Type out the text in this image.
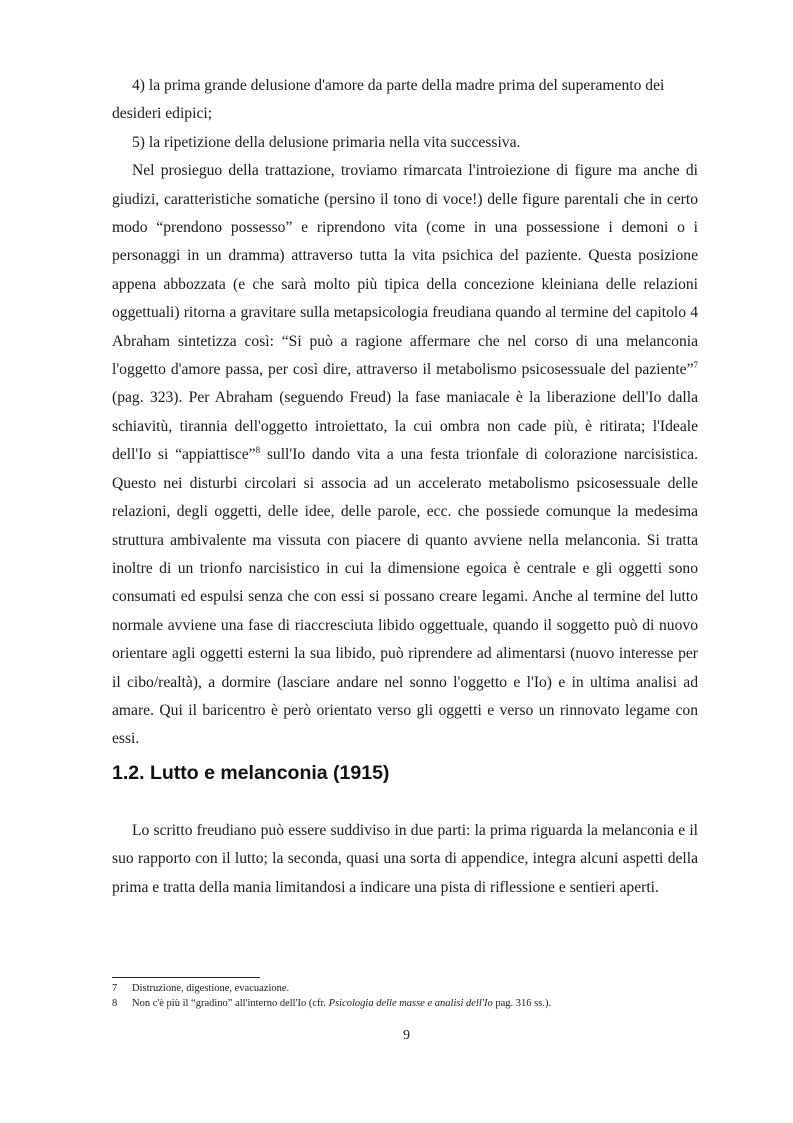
4) la prima grande delusione d'amore da parte della madre prima del superamento dei desideri edipici;

5) la ripetizione della delusione primaria nella vita successiva.

Nel prosieguo della trattazione, troviamo rimarcata l'introiezione di figure ma anche di giudizi, caratteristiche somatiche (persino il tono di voce!) delle figure parentali che in certo modo “prendono possesso” e riprendono vita (come in una possessione i demoni o i personaggi in un dramma) attraverso tutta la vita psichica del paziente. Questa posizione appena abbozzata (e che sarà molto più tipica della concezione kleiniana delle relazioni oggettuali) ritorna a gravitare sulla metapsicologia freudiana quando al termine del capitolo 4 Abraham sintetizza così: “Si può a ragione affermare che nel corso di una melanconia l'oggetto d'amore passa, per così dire, attraverso il metabolismo psicosessuale del paziente”$^7$ (pag. 323). Per Abraham (seguendo Freud) la fase maniacale è la liberazione dell'Io dalla schiavitù, tirannia dell'oggetto introiettato, la cui ombra non cade più, è ritirata; l'Ideale dell'Io si “appiattisce”$^8$ sull'Io dando vita a una festa trionfale di colorazione narcisistica. Questo nei disturbi circolari si associa ad un accelerato metabolismo psicosessuale delle relazioni, degli oggetti, delle idee, delle parole, ecc. che possiede comunque la medesima struttura ambivalente ma vissuta con piacere di quanto avviene nella melanconia. Si tratta inoltre di un trionfo narcisistico in cui la dimensione egoica è centrale e gli oggetti sono consumati ed espulsi senza che con essi si possano creare legami. Anche al termine del lutto normale avviene una fase di riaccresciuta libido oggettuale, quando il soggetto può di nuovo orientare agli oggetti esterni la sua libido, può riprendere ad alimentarsi (nuovo interesse per il cibo/realtà), a dormire (lasciare andare nel sonno l'oggetto e l'Io) e in ultima analisi ad amare. Qui il baricentro è però orientato verso gli oggetti e verso un rinnovato legame con essi.

1.2. Lutto e melanconia (1915)

Lo scritto freudiano può essere suddiviso in due parti: la prima riguarda la melanconia e il suo rapporto con il lutto; la seconda, quasi una sorta di appendice, integra alcuni aspetti della prima e tratta della mania limitandosi a indicare una pista di riflessione e sentieri aperti.

7	Distruzione, digestione, evacuazione.
8	Non c'è più il “gradino” all'interno dell'Io (cfr. Psicologia delle masse e analisi dell'Io pag. 316 ss.).
9
